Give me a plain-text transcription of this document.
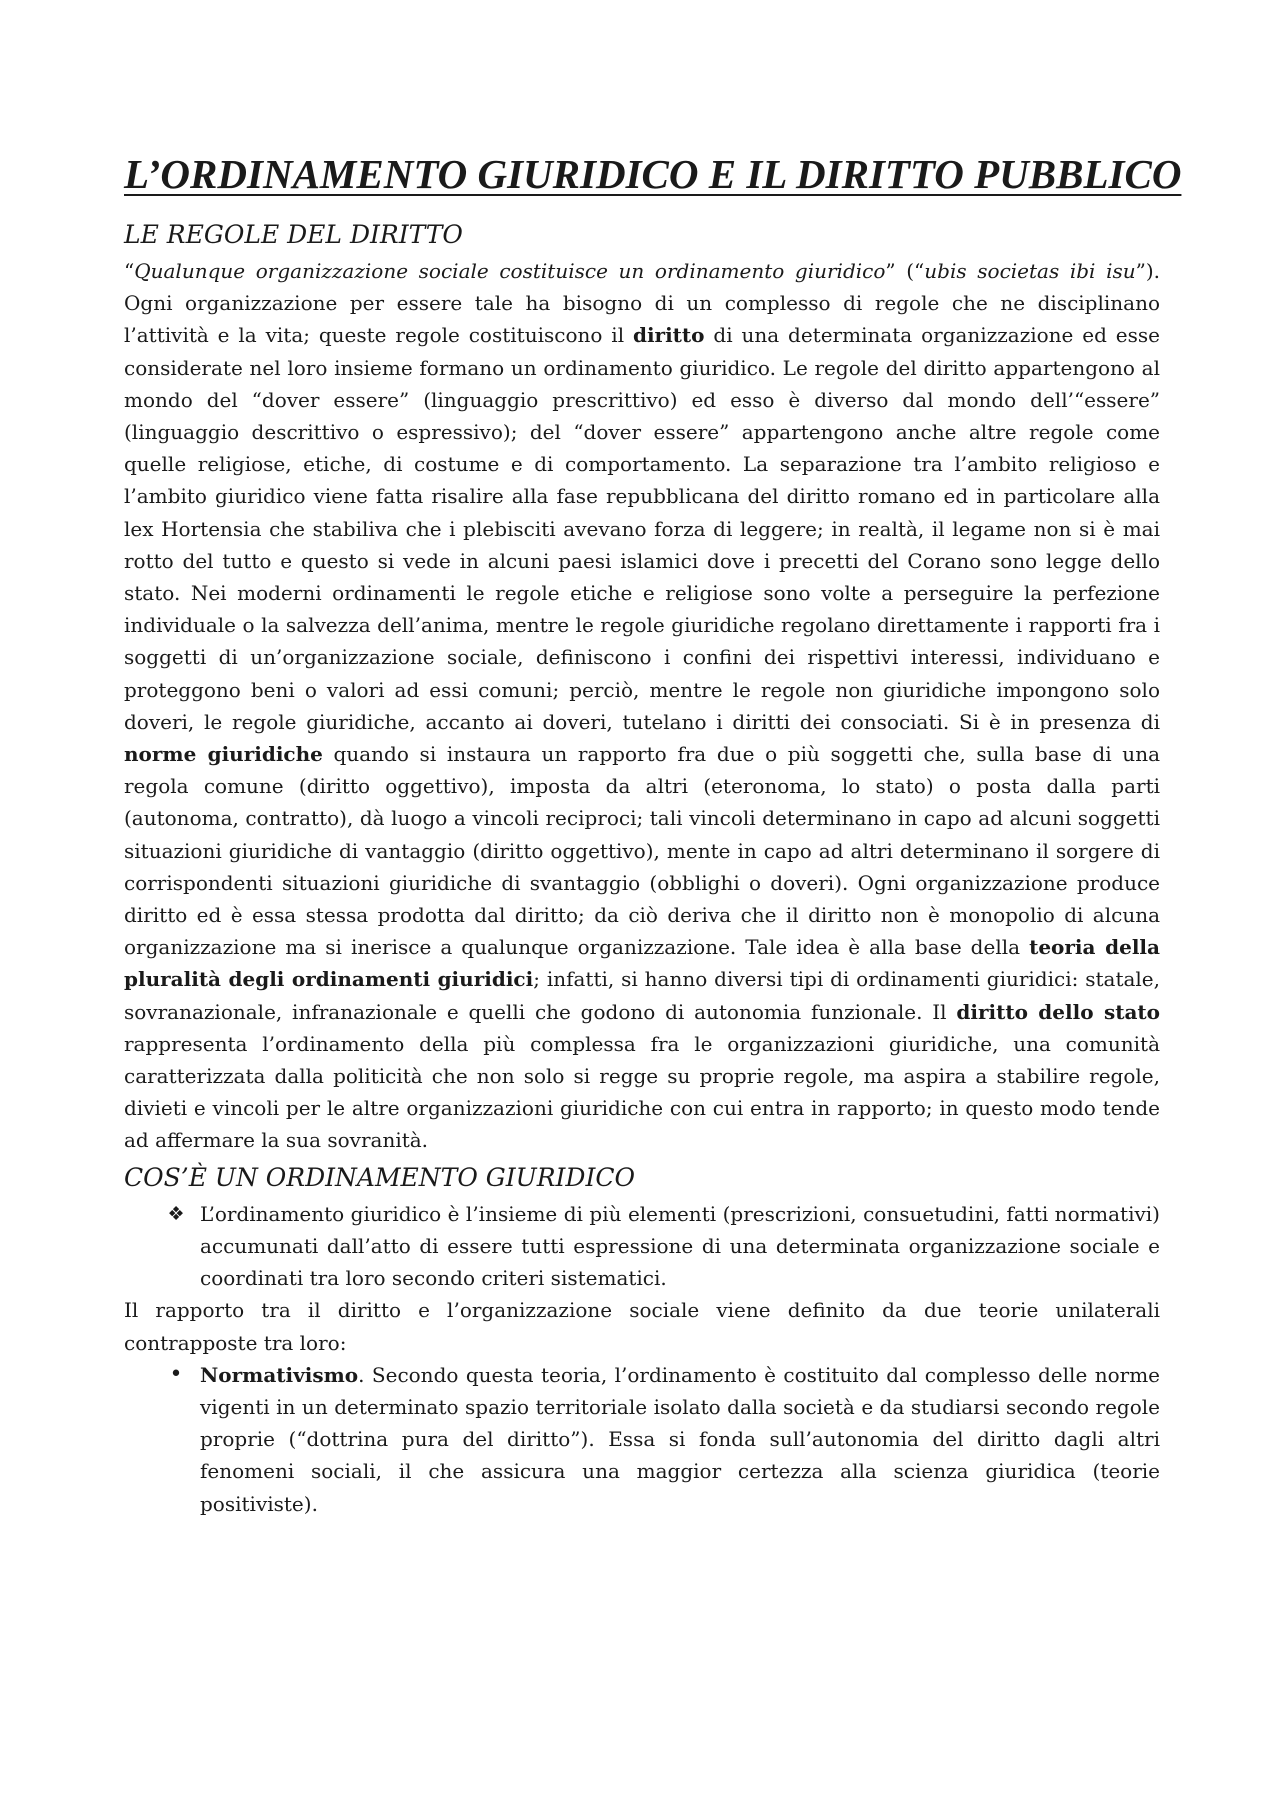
L’ORDINAMENTO GIURIDICO E IL DIRITTO PUBBLICO
LE REGOLE DEL DIRITTO

“Qualunque organizzazione sociale costituisce un ordinamento giuridico” (“ubis societas ibi isu”). Ogni organizzazione per essere tale ha bisogno di un complesso di regole che ne disciplinano l’attività e la vita; queste regole costituiscono il diritto di una determinata organizzazione ed esse considerate nel loro insieme formano un ordinamento giuridico. Le regole del diritto appartengono al mondo del “dover essere” (linguaggio prescrittivo) ed esso è diverso dal mondo dell’“essere” (linguaggio descrittivo o espressivo); del “dover essere” appartengono anche altre regole come quelle religiose, etiche, di costume e di comportamento. La separazione tra l’ambito religioso e l’ambito giuridico viene fatta risalire alla fase repubblicana del diritto romano ed in particolare alla lex Hortensia che stabiliva che i plebisciti avevano forza di leggere; in realtà, il legame non si è mai rotto del tutto e questo si vede in alcuni paesi islamici dove i precetti del Corano sono legge dello stato. Nei moderni ordinamenti le regole etiche e religiose sono volte a perseguire la perfezione individuale o la salvezza dell’anima, mentre le regole giuridiche regolano direttamente i rapporti fra i soggetti di un’organizzazione sociale, definiscono i confini dei rispettivi interessi, individuano e proteggono beni o valori ad essi comuni; perciò, mentre le regole non giuridiche impongono solo doveri, le regole giuridiche, accanto ai doveri, tutelano i diritti dei consociati. Si è in presenza di norme giuridiche quando si instaura un rapporto fra due o più soggetti che, sulla base di una regola comune (diritto oggettivo), imposta da altri (eteronoma, lo stato) o posta dalla parti (autonoma, contratto), dà luogo a vincoli reciproci; tali vincoli determinano in capo ad alcuni soggetti situazioni giuridiche di vantaggio (diritto oggettivo), mente in capo ad altri determinano il sorgere di corrispondenti situazioni giuridiche di svantaggio (obblighi o doveri). Ogni organizzazione produce diritto ed è essa stessa prodotta dal diritto; da ciò deriva che il diritto non è monopolio di alcuna organizzazione ma si inerisce a qualunque organizzazione. Tale idea è alla base della teoria della pluralità degli ordinamenti giuridici; infatti, si hanno diversi tipi di ordinamenti giuridici: statale, sovranazionale, infranazionale e quelli che godono di autonomia funzionale. Il diritto dello stato rappresenta l’ordinamento della più complessa fra le organizzazioni giuridiche, una comunità caratterizzata dalla politicità che non solo si regge su proprie regole, ma aspira a stabilire regole, divieti e vincoli per le altre organizzazioni giuridiche con cui entra in rapporto; in questo modo tende ad affermare la sua sovranità.

COS’È UN ORDINAMENTO GIURIDICO
❖ L’ordinamento giuridico è l’insieme di più elementi (prescrizioni, consuetudini, fatti normativi) accumunati dall’atto di essere tutti espressione di una determinata organizzazione sociale e coordinati tra loro secondo criteri sistematici.

Il rapporto tra il diritto e l’organizzazione sociale viene definito da due teorie unilaterali contrapposte tra loro:

• Normativismo. Secondo questa teoria, l’ordinamento è costituito dal complesso delle norme vigenti in un determinato spazio territoriale isolato dalla società e da studiarsi secondo regole proprie (“dottrina pura del diritto”). Essa si fonda sull’autonomia del diritto dagli altri fenomeni sociali, il che assicura una maggior certezza alla scienza giuridica (teorie positiviste).
